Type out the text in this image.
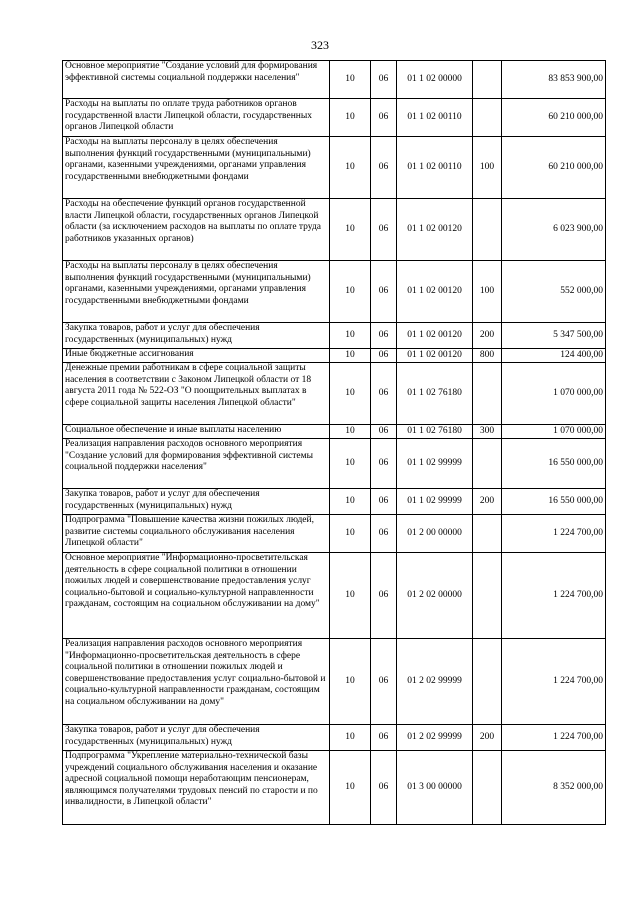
323
Основное мероприятие "Создание условий для формирования эффективной системы социальной поддержки населения"	10	06	01 1 02 00000		83 853 900,00
Расходы на выплаты по оплате труда работников органов государственной власти Липецкой области, государственных органов Липецкой области	10	06	01 1 02 00110		60 210 000,00
Расходы на выплаты персоналу в целях обеспечения выполнения функций государственными (муниципальными) органами, казенными учреждениями, органами управления государственными внебюджетными фондами	10	06	01 1 02 00110	100	60 210 000,00
Расходы на обеспечение функций органов государственной власти Липецкой области, государственных органов Липецкой области (за исключением расходов на выплаты по оплате труда работников указанных органов)	10	06	01 1 02 00120		6 023 900,00
Расходы на выплаты персоналу в целях обеспечения выполнения функций государственными (муниципальными) органами, казенными учреждениями, органами управления государственными внебюджетными фондами	10	06	01 1 02 00120	100	552 000,00
Закупка товаров, работ и услуг для обеспечения государственных (муниципальных) нужд	10	06	01 1 02 00120	200	5 347 500,00
Иные бюджетные ассигнования	10	06	01 1 02 00120	800	124 400,00
Денежные премии работникам в сфере социальной защиты населения в соответствии с Законом Липецкой области от 18 августа 2011 года № 522-ОЗ "О поощрительных выплатах в сфере социальной защиты населения Липецкой области"	10	06	01 1 02 76180		1 070 000,00
Социальное обеспечение и иные выплаты населению	10	06	01 1 02 76180	300	1 070 000,00
Реализация направления расходов основного мероприятия "Создание условий для формирования эффективной системы социальной поддержки населения"	10	06	01 1 02 99999		16 550 000,00
Закупка товаров, работ и услуг для обеспечения государственных (муниципальных) нужд	10	06	01 1 02 99999	200	16 550 000,00
Подпрограмма "Повышение качества жизни пожилых людей, развитие системы социального обслуживания населения Липецкой области"	10	06	01 2 00 00000		1 224 700,00
Основное мероприятие "Информационно-просветительская деятельность в сфере социальной политики в отношении пожилых людей и совершенствование предоставления услуг социально-бытовой и социально-культурной направленности гражданам, состоящим на социальном обслуживании на дому"	10	06	01 2 02 00000		1 224 700,00
Реализация направления расходов основного мероприятия "Информационно-просветительская деятельность в сфере социальной политики в отношении пожилых людей и совершенствование предоставления услуг социально-бытовой и социально-культурной направленности гражданам, состоящим на социальном обслуживании на дому"	10	06	01 2 02 99999		1 224 700,00
Закупка товаров, работ и услуг для обеспечения государственных (муниципальных) нужд	10	06	01 2 02 99999	200	1 224 700,00
Подпрограмма "Укрепление материально-технической базы учреждений социального обслуживания населения и оказание адресной социальной помощи неработающим пенсионерам, являющимся получателями трудовых пенсий по старости и по инвалидности, в Липецкой области"	10	06	01 3 00 00000		8 352 000,00
